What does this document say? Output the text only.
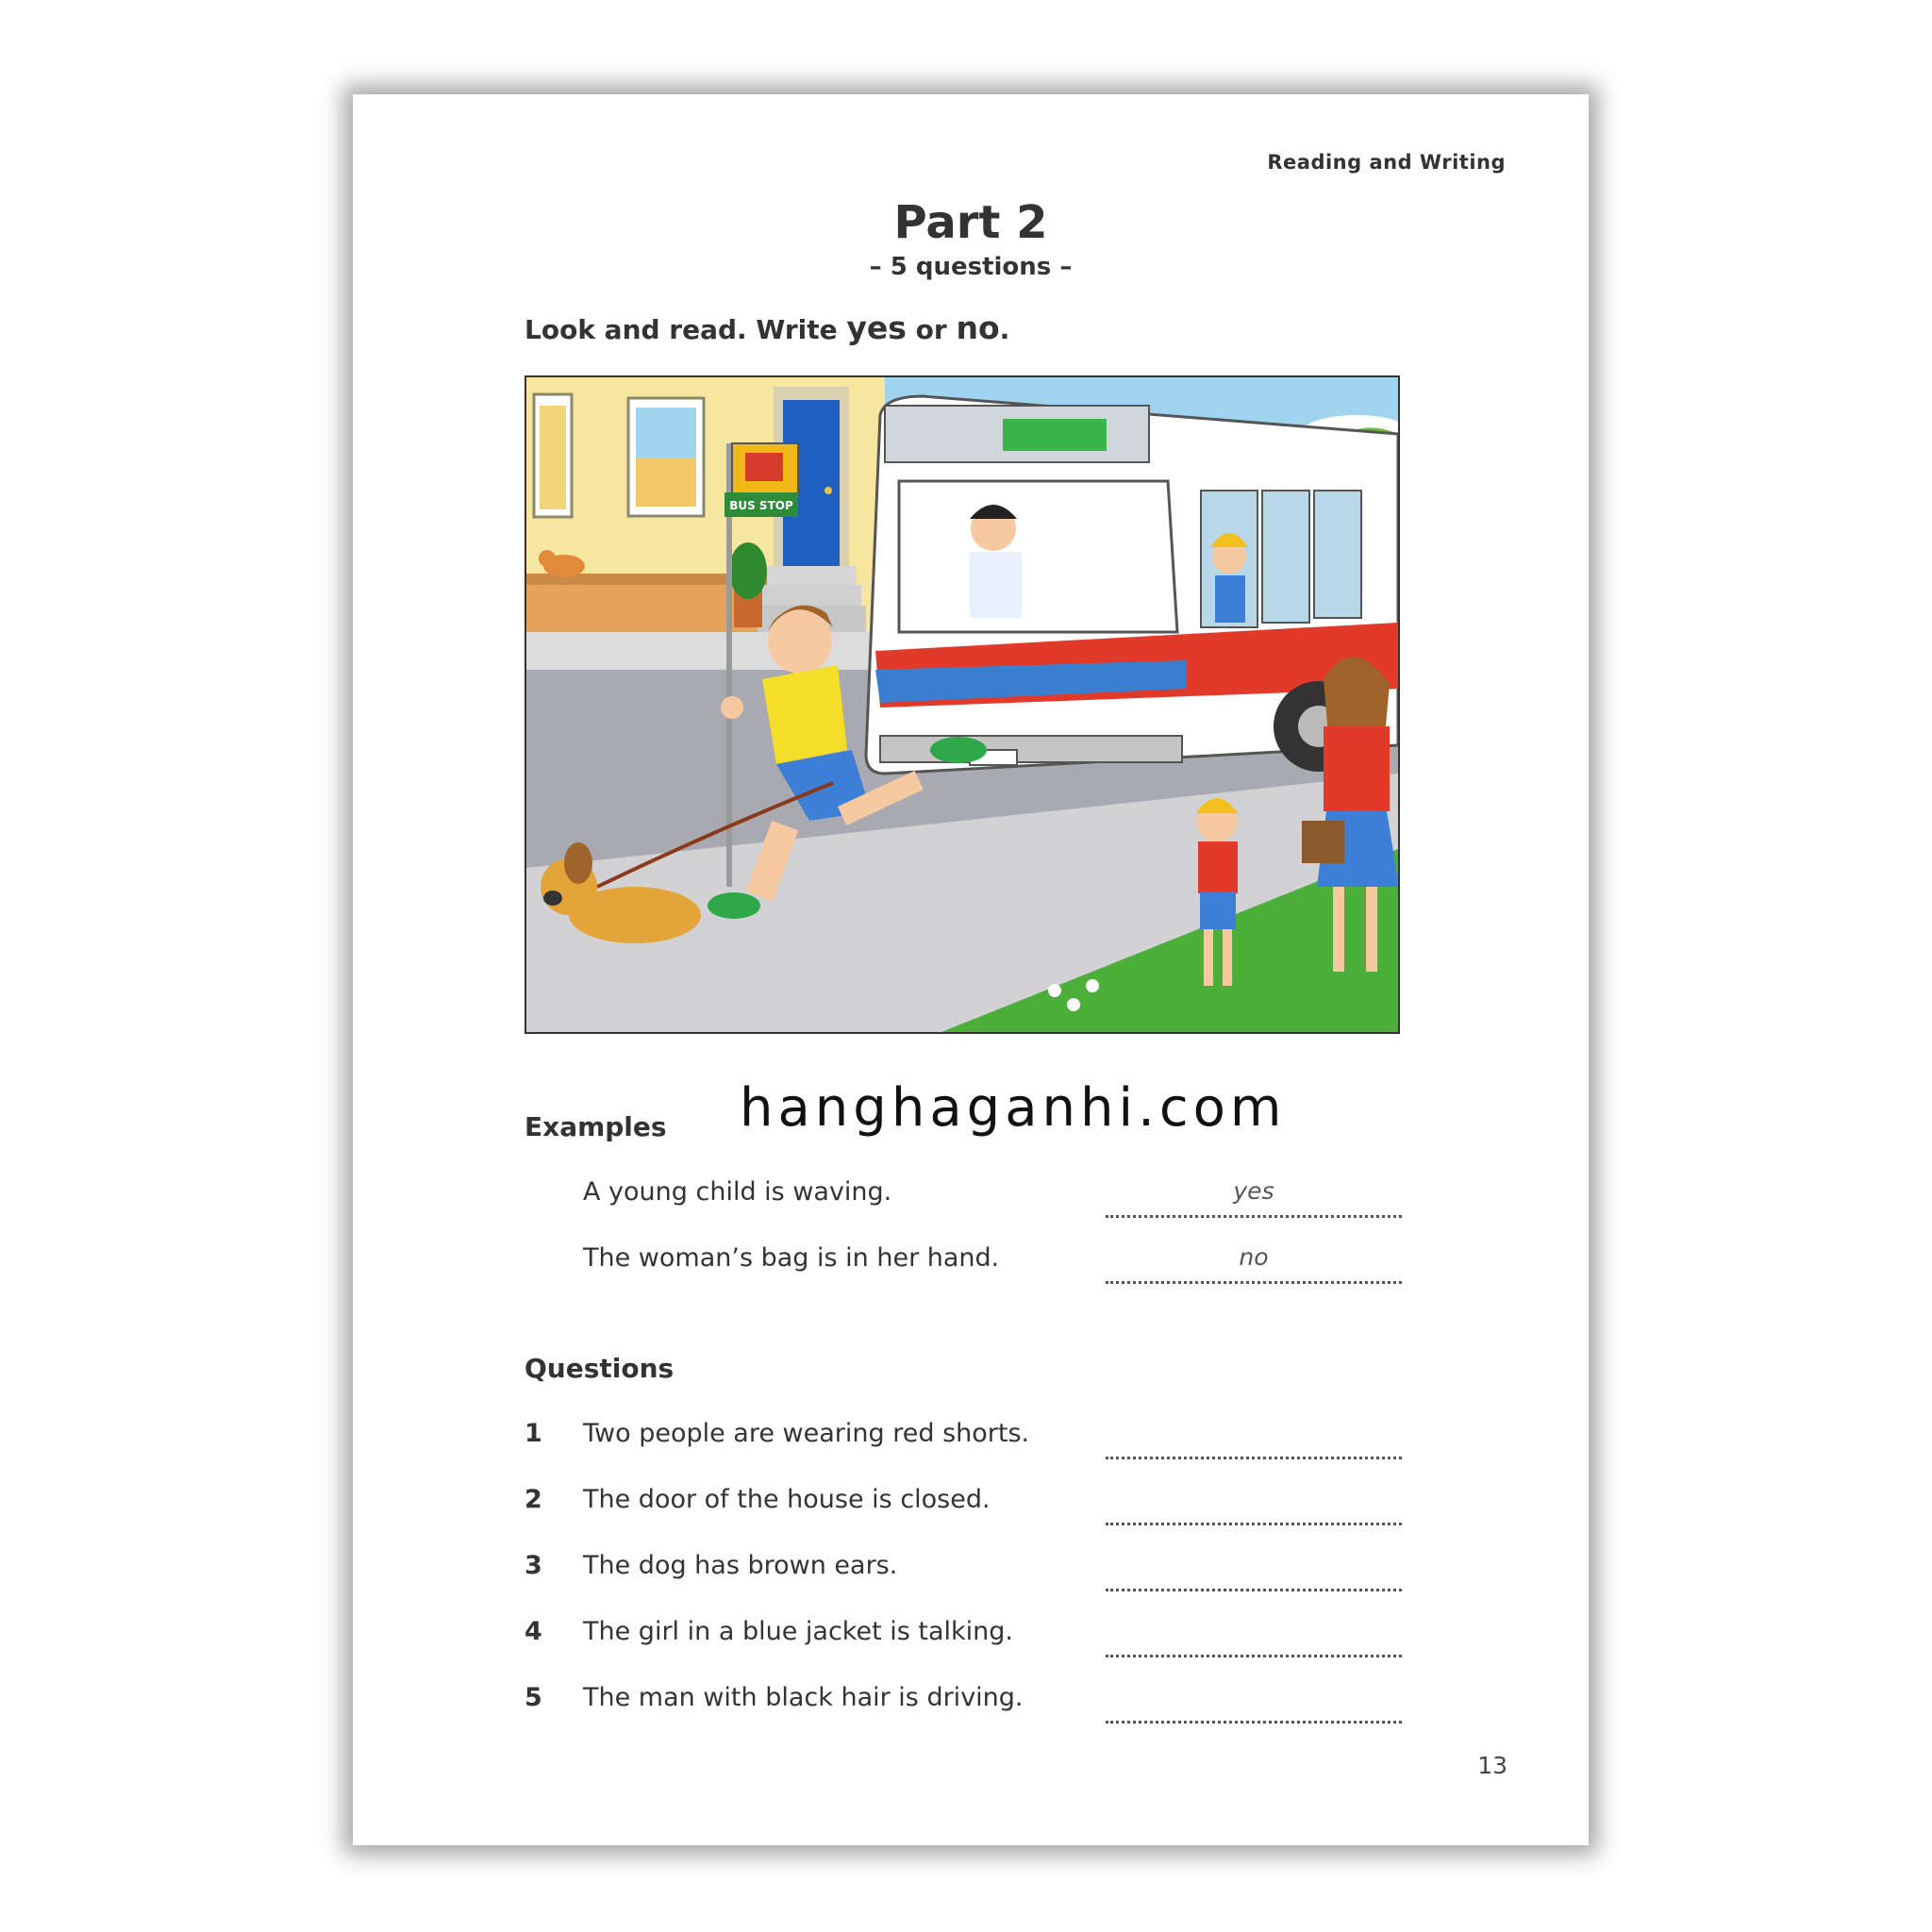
Reading and Writing
Part 2
– 5 questions –
Look and read. Write yes or no.
BUS STOP
hanghaganhi.com
Examples
A young child is waving.	yes
The woman’s bag is in her hand.	no
Questions
1 Two people are wearing red shorts.
2 The door of the house is closed.
3 The dog has brown ears.
4 The girl in a blue jacket is talking.
5 The man with black hair is driving.
13
